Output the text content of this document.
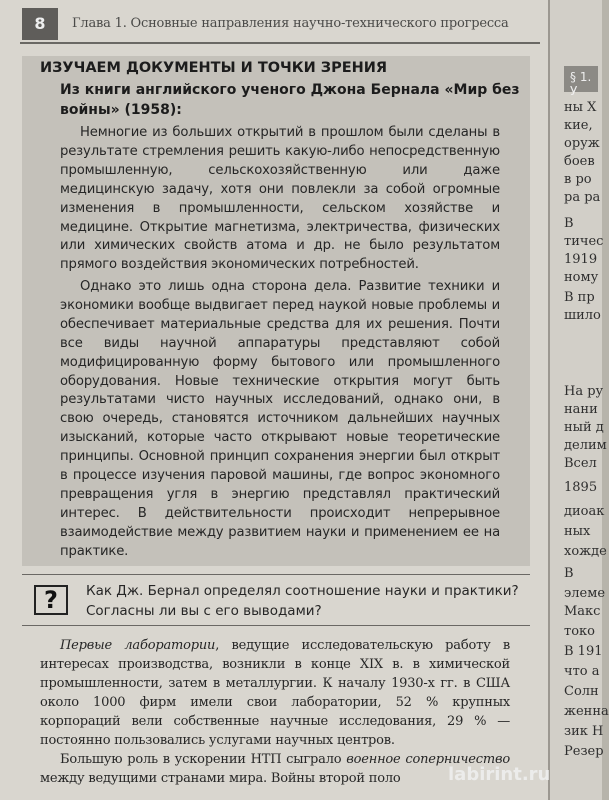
8	Глава 1. Основные направления научно-технического прогресса
ИЗУЧАЕМ ДОКУМЕНТЫ И ТОЧКИ ЗРЕНИЯ
Из книги английского ученого Джона Бернала «Мир без войны» (1958):
Немногие из больших открытий в прошлом были сделаны в результате стремления решить какую-либо непосредственную промышленную, сельскохозяйственную или даже медицинскую задачу, хотя они повлекли за собой огромные изменения в промышленности, сельском хозяйстве и медицине. Открытие магнетизма, электричества, физических или химических свойств атома и др. не было результатом прямого воздействия экономических потребностей.
Однако это лишь одна сторона дела. Развитие техники и экономики вообще выдвигает перед наукой новые проблемы и обеспечивает материальные средства для их решения. Почти все виды научной аппаратуры представляют собой модифицированную форму бытового или промышленного оборудования. Новые технические открытия могут быть результатами чисто научных исследований, однако они, в свою очередь, становятся источником дальнейших научных изысканий, которые часто открывают новые теоретические принципы. Основной принцип сохранения энергии был открыт в процессе изучения паровой машины, где вопрос экономного превращения угля в энергию представлял практический интерес. В действительности происходит непрерывное взаимодействие между развитием науки и применением ее на практике.
?	Как Дж. Бернал определял соотношение науки и практики? Согласны ли вы с его выводами?
Первые лаборатории, ведущие исследовательскую работу в интересах производства, возникли в конце XIX в. в химической промышленности, затем в металлургии. К началу 1930-х гг. в США около 1000 фирм имели свои лаборатории, 52 % крупных корпораций вели собственные научные исследования, 29 % — постоянно пользовались услугами научных центров.
Большую роль в ускорении НТП сыграло военное соперничество между ведущими странами мира. Войны второй поло
§ 1. У
ны Х
кие,
оруж
боев
в ро
ра ра
В
тичес
1919
ному
В пр
шило
На ру
нани
ный д
делим
Всел
1895
диоак
ных
хожде
В
элеме
Макс
токо
В 191
что а
Солн
женна
зик Н
Резер
labirint.ru
